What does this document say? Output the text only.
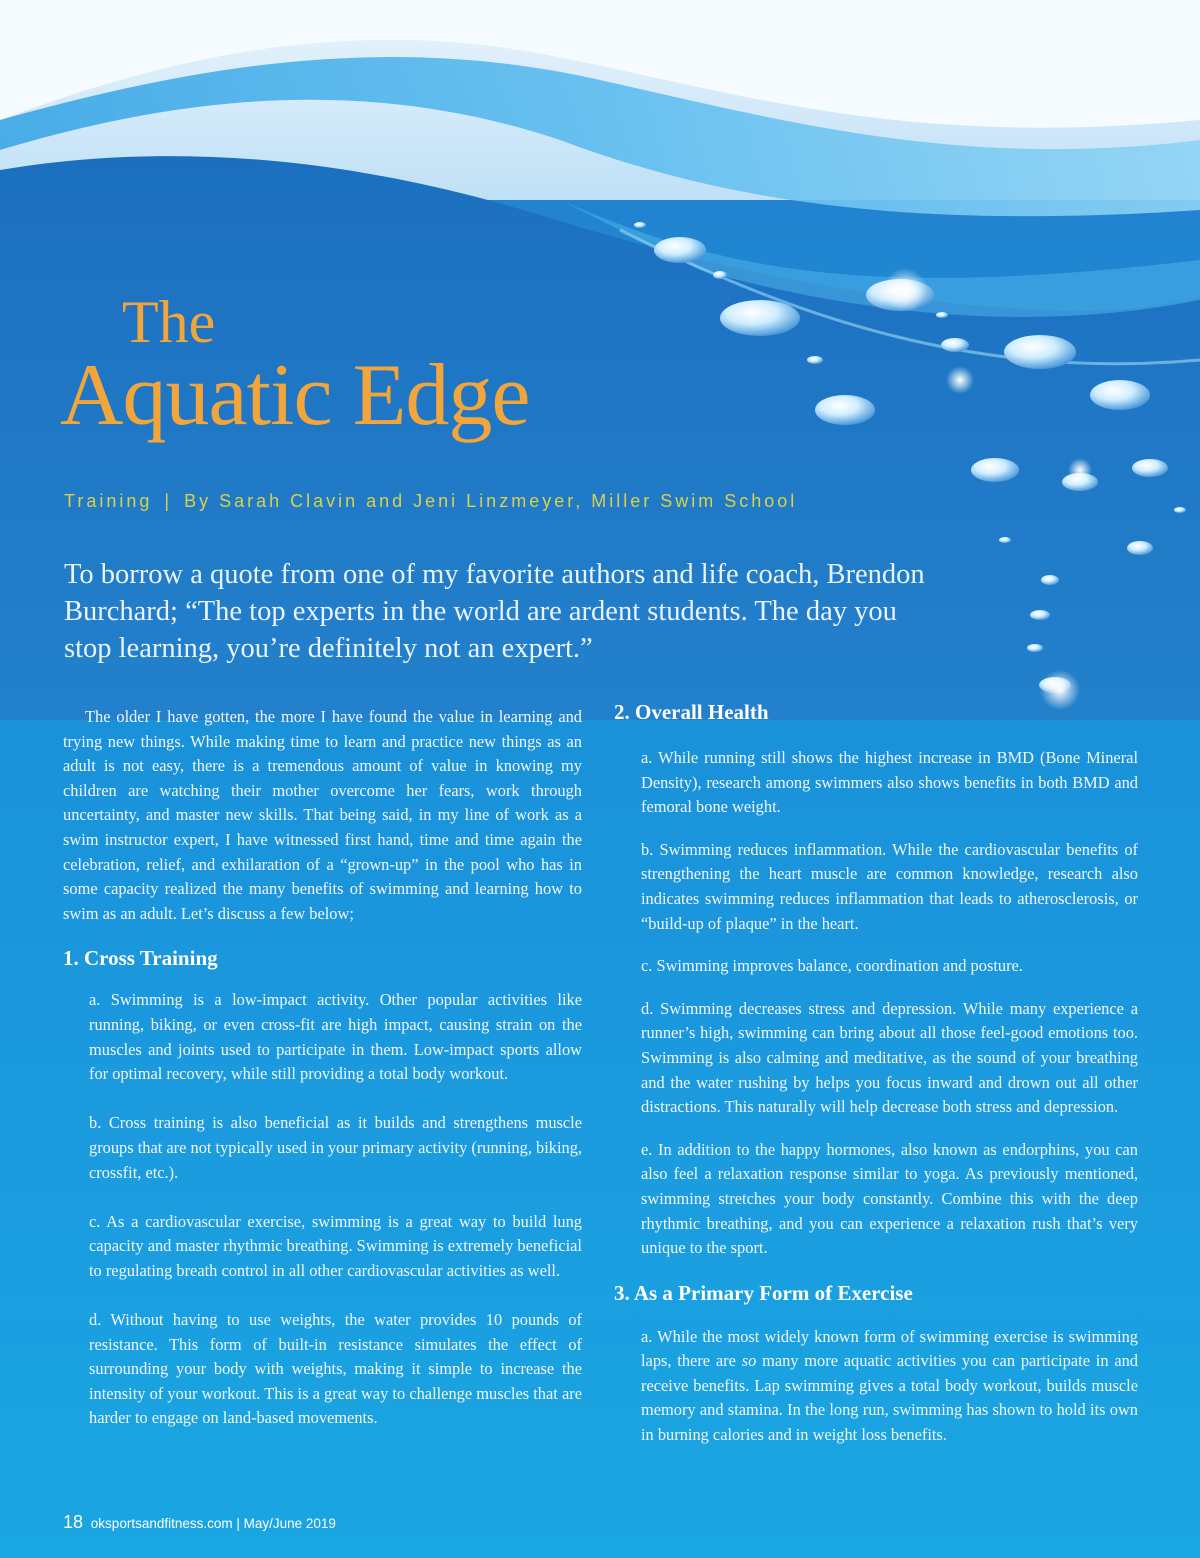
The
Aquatic Edge
Training | By Sarah Clavin and Jeni Linzmeyer, Miller Swim School

To borrow a quote from one of my favorite authors and life coach, Brendon Burchard; “The top experts in the world are ardent students. The day you stop learning, you’re definitely not an expert.”

The older I have gotten, the more I have found the value in learning and trying new things. While making time to learn and practice new things as an adult is not easy, there is a tremendous amount of value in knowing my children are watching their mother overcome her fears, work through uncertainty, and master new skills. That being said, in my line of work as a swim instructor expert, I have witnessed first hand, time and time again the celebration, relief, and exhilaration of a “grown-up” in the pool who has in some capacity realized the many benefits of swimming and learning how to swim as an adult. Let’s discuss a few below;

1. Cross Training

a. Swimming is a low-impact activity. Other popular activities like running, biking, or even cross-fit are high impact, causing strain on the muscles and joints used to participate in them. Low-impact sports allow for optimal recovery, while still providing a total body workout.

b. Cross training is also beneficial as it builds and strengthens muscle groups that are not typically used in your primary activity (running, biking, crossfit, etc.).

c. As a cardiovascular exercise, swimming is a great way to build lung capacity and master rhythmic breathing. Swimming is extremely beneficial to regulating breath control in all other cardiovascular activities as well.

d. Without having to use weights, the water provides 10 pounds of resistance. This form of built-in resistance simulates the effect of surrounding your body with weights, making it simple to increase the intensity of your workout. This is a great way to challenge muscles that are harder to engage on land-based movements.

2. Overall Health

a. While running still shows the highest increase in BMD (Bone Mineral Density), research among swimmers also shows benefits in both BMD and femoral bone weight.

b. Swimming reduces inflammation. While the cardiovascular benefits of strengthening the heart muscle are common knowledge, research also indicates swimming reduces inflammation that leads to atherosclerosis, or “build-up of plaque” in the heart.

c. Swimming improves balance, coordination and posture.

d. Swimming decreases stress and depression. While many experience a runner’s high, swimming can bring about all those feel-good emotions too. Swimming is also calming and meditative, as the sound of your breathing and the water rushing by helps you focus inward and drown out all other distractions. This naturally will help decrease both stress and depression.

e. In addition to the happy hormones, also known as endorphins, you can also feel a relaxation response similar to yoga. As previously mentioned, swimming stretches your body constantly. Combine this with the deep rhythmic breathing, and you can experience a relaxation rush that’s very unique to the sport.

3. As a Primary Form of Exercise

a. While the most widely known form of swimming exercise is swimming laps, there are so many more aquatic activities you can participate in and receive benefits. Lap swimming gives a total body workout, builds muscle memory and stamina. In the long run, swimming has shown to hold its own in burning calories and in weight loss benefits.

18 oksportsandfitness.com | May/June 2019
